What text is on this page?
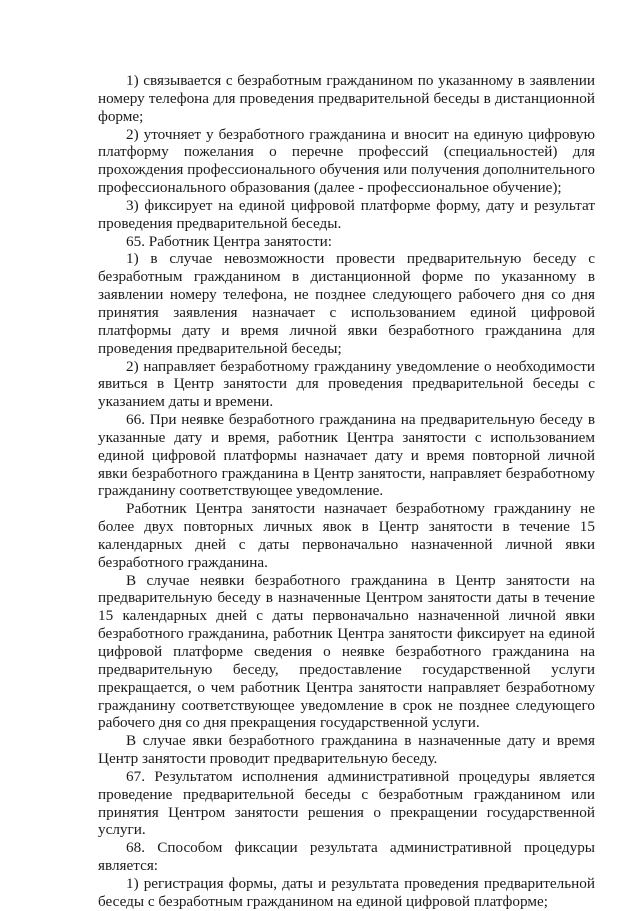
1) связывается с безработным гражданином по указанному в заявлении номеру телефона для проведения предварительной беседы в дистанционной форме;

2) уточняет у безработного гражданина и вносит на единую цифровую платформу пожелания о перечне профессий (специальностей) для прохождения профессионального обучения или получения дополнительного профессионального образования (далее - профессиональное обучение);

3) фиксирует на единой цифровой платформе форму, дату и результат проведения предварительной беседы.

65. Работник Центра занятости:

1) в случае невозможности провести предварительную беседу с безработным гражданином в дистанционной форме по указанному в заявлении номеру телефона, не позднее следующего рабочего дня со дня принятия заявления назначает с использованием единой цифровой платформы дату и время личной явки безработного гражданина для проведения предварительной беседы;

2) направляет безработному гражданину уведомление о необходимости явиться в Центр занятости для проведения предварительной беседы с указанием даты и времени.

66. При неявке безработного гражданина на предварительную беседу в указанные дату и время, работник Центра занятости с использованием единой цифровой платформы назначает дату и время повторной личной явки безработного гражданина в Центр занятости, направляет безработному гражданину соответствующее уведомление.

Работник Центра занятости назначает безработному гражданину не более двух повторных личных явок в Центр занятости в течение 15 календарных дней с даты первоначально назначенной личной явки безработного гражданина.

В случае неявки безработного гражданина в Центр занятости на предварительную беседу в назначенные Центром занятости даты в течение 15 календарных дней с даты первоначально назначенной личной явки безработного гражданина, работник Центра занятости фиксирует на единой цифровой платформе сведения о неявке безработного гражданина на предварительную беседу, предоставление государственной услуги прекращается, о чем работник Центра занятости направляет безработному гражданину соответствующее уведомление в срок не позднее следующего рабочего дня со дня прекращения государственной услуги.

В случае явки безработного гражданина в назначенные дату и время Центр занятости проводит предварительную беседу.

67. Результатом исполнения административной процедуры является проведение предварительной беседы с безработным гражданином или принятия Центром занятости решения о прекращении государственной услуги.

68. Способом фиксации результата административной процедуры является:

1) регистрация формы, даты и результата проведения предварительной беседы с безработным гражданином на единой цифровой платформе;
